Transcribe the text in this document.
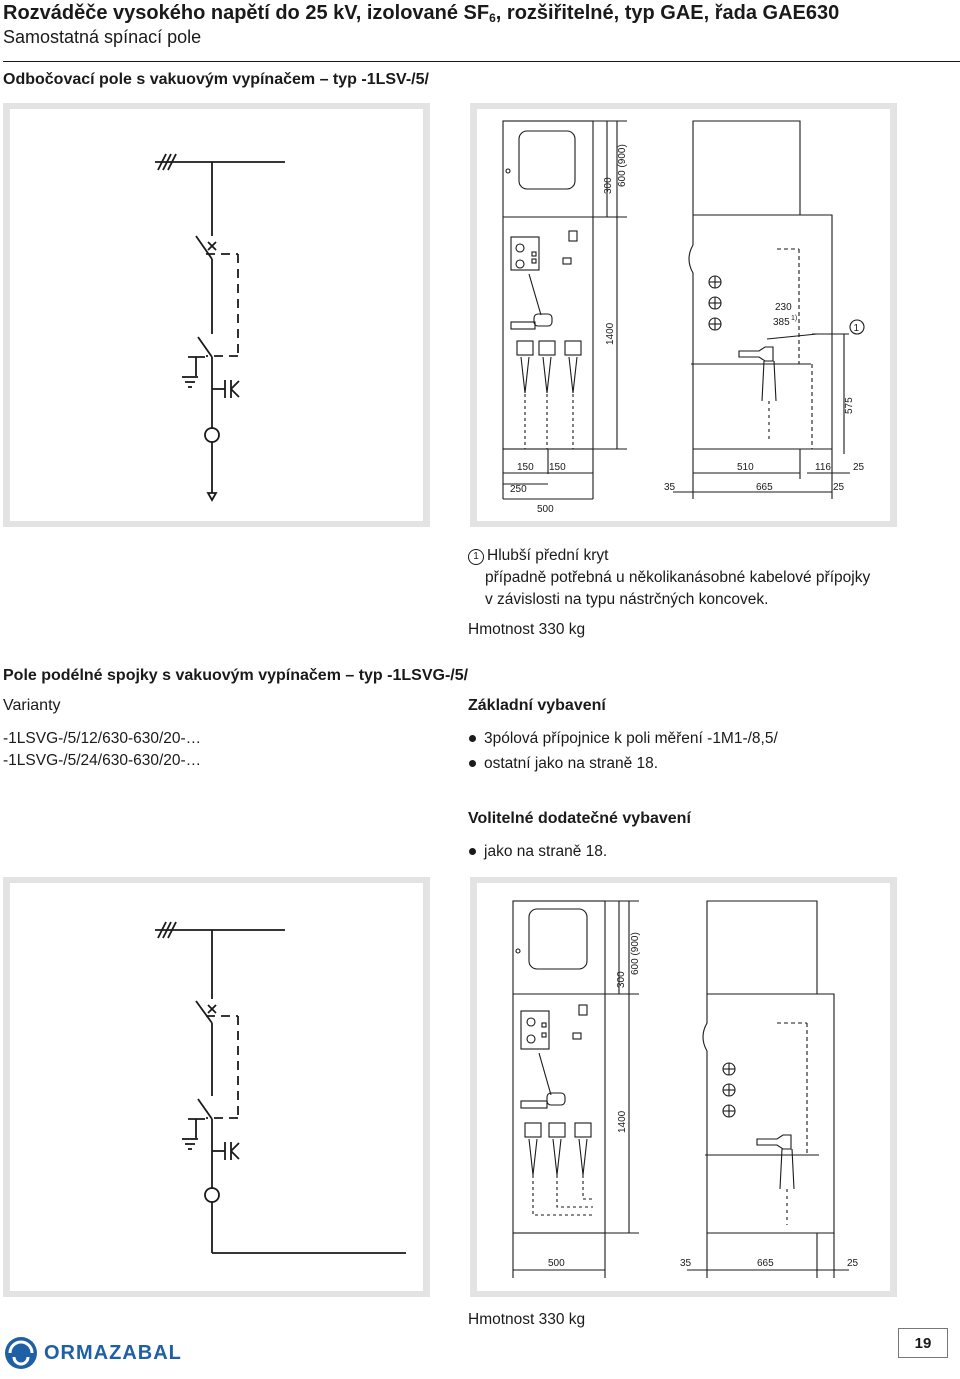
Rozváděče vysokého napětí do 25 kV, izolované $SF_6$, rozšiřitelné, typ GAE, řada GAE630
Samostatná spínací pole
Odbočovací pole s vakuovým vypínačem – typ -1LSV-/5/
300 600 (900)
1400
230
385 1)
1
575
150 150
250
500
35
510
665
116 25
25
1 Hlubší přední kryt
případně potřebná u několikanásobné kabelové přípojky
v závislosti na typu nástrčných koncovek.
Hmotnost 330 kg
Pole podélné spojky s vakuovým vypínačem – typ -1LSVG-/5/
Varianty
-1LSVG-/5/12/630-630/20-…
-1LSVG-/5/24/630-630/20-…
Základní vybavení
3pólová přípojnice k poli měření -1M1-/8,5/
ostatní jako na straně 18.
Volitelné dodatečné vybavení
jako na straně 18.
300
600 (900)
1400
500	35	665	25
Hmotnost 330 kg
ORMAZABAL	19
